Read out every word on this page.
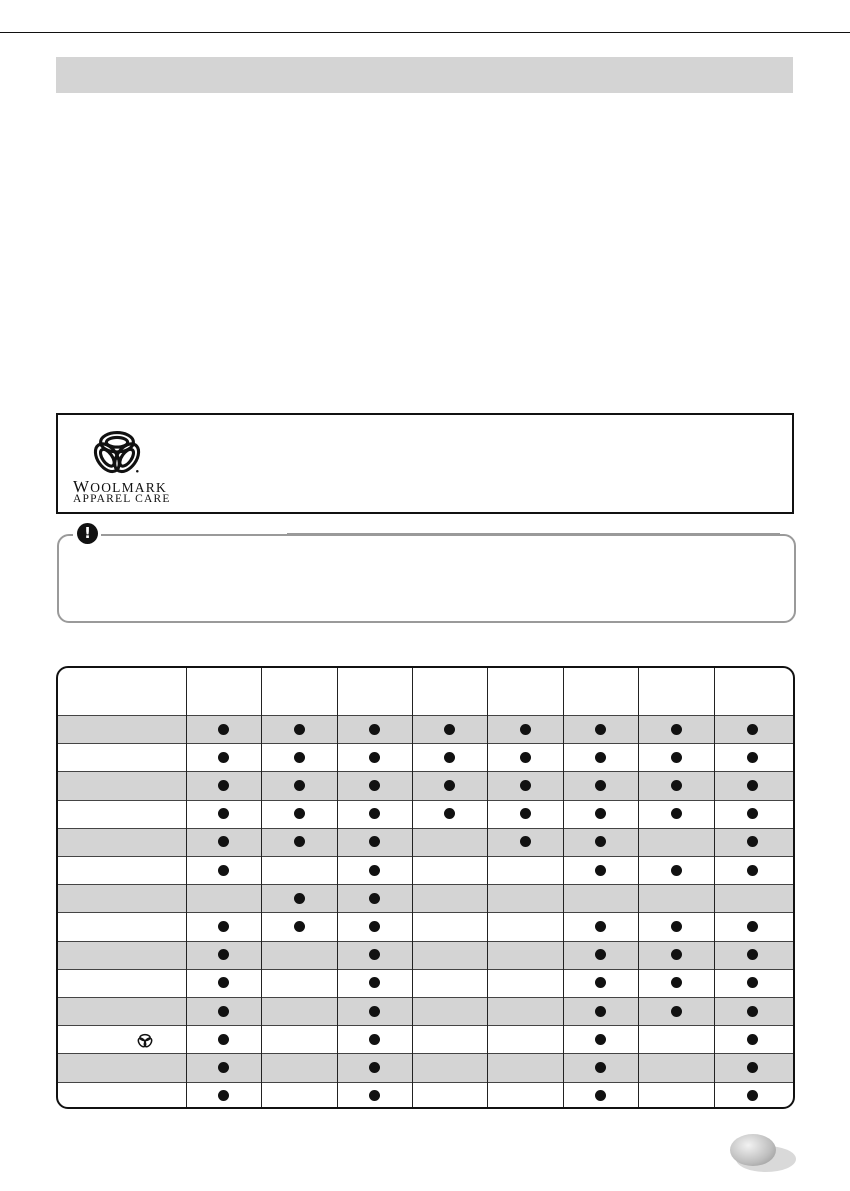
WOOLMARK
APPAREL CARE
!
